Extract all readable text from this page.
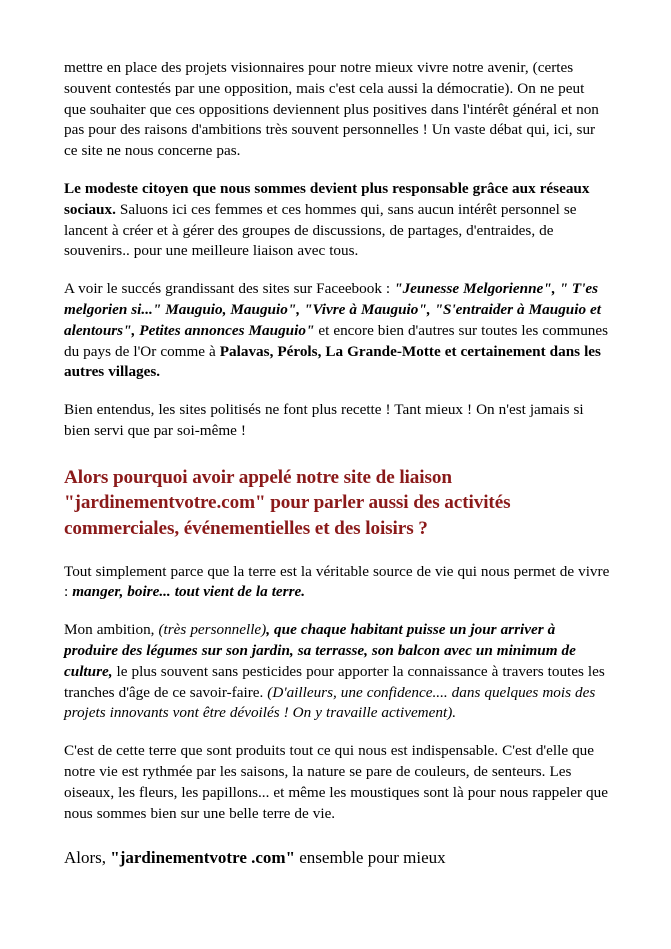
mettre en place des projets visionnaires pour notre mieux vivre notre avenir, (certes souvent contestés par une opposition, mais c'est cela aussi la démocratie). On ne peut que souhaiter que ces oppositions deviennent plus positives dans l'intérêt général et non pas pour des raisons d'ambitions très souvent personnelles ! Un vaste débat qui, ici, sur ce site ne nous concerne pas.

Le modeste citoyen que nous sommes devient plus responsable grâce aux réseaux sociaux. Saluons ici ces femmes et ces hommes qui, sans aucun intérêt personnel se lancent à créer et à gérer des groupes de discussions, de partages, d'entraides, de souvenirs.. pour une meilleure liaison avec tous.

A voir le succés grandissant des sites sur Faceebook : "Jeunesse Melgorienne", " T'es melgorien si..." Mauguio, Mauguio", "Vivre à Mauguio", "S'entraider à Mauguio et alentours", Petites annonces Mauguio" et encore bien d'autres sur toutes les communes du pays de l'Or comme à Palavas, Pérols, La Grande-Motte et certainement dans les autres villages.

Bien entendus, les sites politisés ne font plus recette ! Tant mieux ! On n'est jamais si bien servi que par soi-même !

Alors pourquoi avoir appelé notre site de liaison
"jardinementvotre.com" pour parler aussi des activités
commerciales, événementielles et des loisirs ?

Tout simplement parce que la terre est la véritable source de vie qui nous permet de vivre : manger, boire... tout vient de la terre.

Mon ambition, (très personnelle), que chaque habitant puisse un jour arriver à produire des légumes sur son jardin, sa terrasse, son balcon avec un minimum de culture, le plus souvent sans pesticides pour apporter la connaissance à travers toutes les tranches d'âge de ce savoir-faire. (D'ailleurs, une confidence.... dans quelques mois des projets innovants vont être dévoilés ! On y travaille activement).

C'est de cette terre que sont produits tout ce qui nous est indispensable. C'est d'elle que notre vie est rythmée par les saisons, la nature se pare de couleurs, de senteurs. Les oiseaux, les fleurs, les papillons... et même les moustiques sont là pour nous rappeler que nous sommes bien sur une belle terre de vie.

Alors, "jardinementvotre .com" ensemble pour mieux
